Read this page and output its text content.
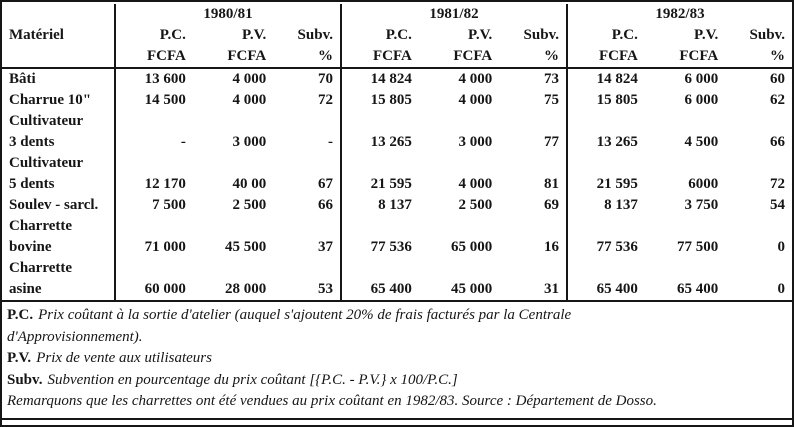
1980/81	1981/82	1982/83
Matériel	P.C.	P.V.	Subv.	P.C.	P.V.	Subv.	P.C.	P.V.	Subv.
FCFA	FCFA	%	FCFA	FCFA	%	FCFA	FCFA	%
Bâti	13 600	4 000	70	14 824	4 000	73	14 824	6 000	60
Charrue 10"	14 500	4 000	72	15 805	4 000	75	15 805	6 000	62
Cultivateur
3 dents	-	3 000	-	13 265	3 000	77	13 265	4 500	66
Cultivateur
5 dents	12 170	40 00	67	21 595	4 000	81	21 595	6000	72
Soulev - sarcl.	7 500	2 500	66	8 137	2 500	69	8 137	3 750	54
Charrette
bovine	71 000	45 500	37	77 536	65 000	16	77 536	77 500	0
Charrette
asine	60 000	28 000	53	65 400	45 000	31	65 400	65 400	0
P.C. Prix coûtant à la sortie d'atelier (auquel s'ajoutent 20% de frais facturés par la Centrale
d'Approvisionnement).
P.V. Prix de vente aux utilisateurs
Subv. Subvention en pourcentage du prix coûtant [{P.C. - P.V.} x 100/P.C.]
Remarquons que les charrettes ont été vendues au prix coûtant en 1982/83. Source : Département de Dosso.
